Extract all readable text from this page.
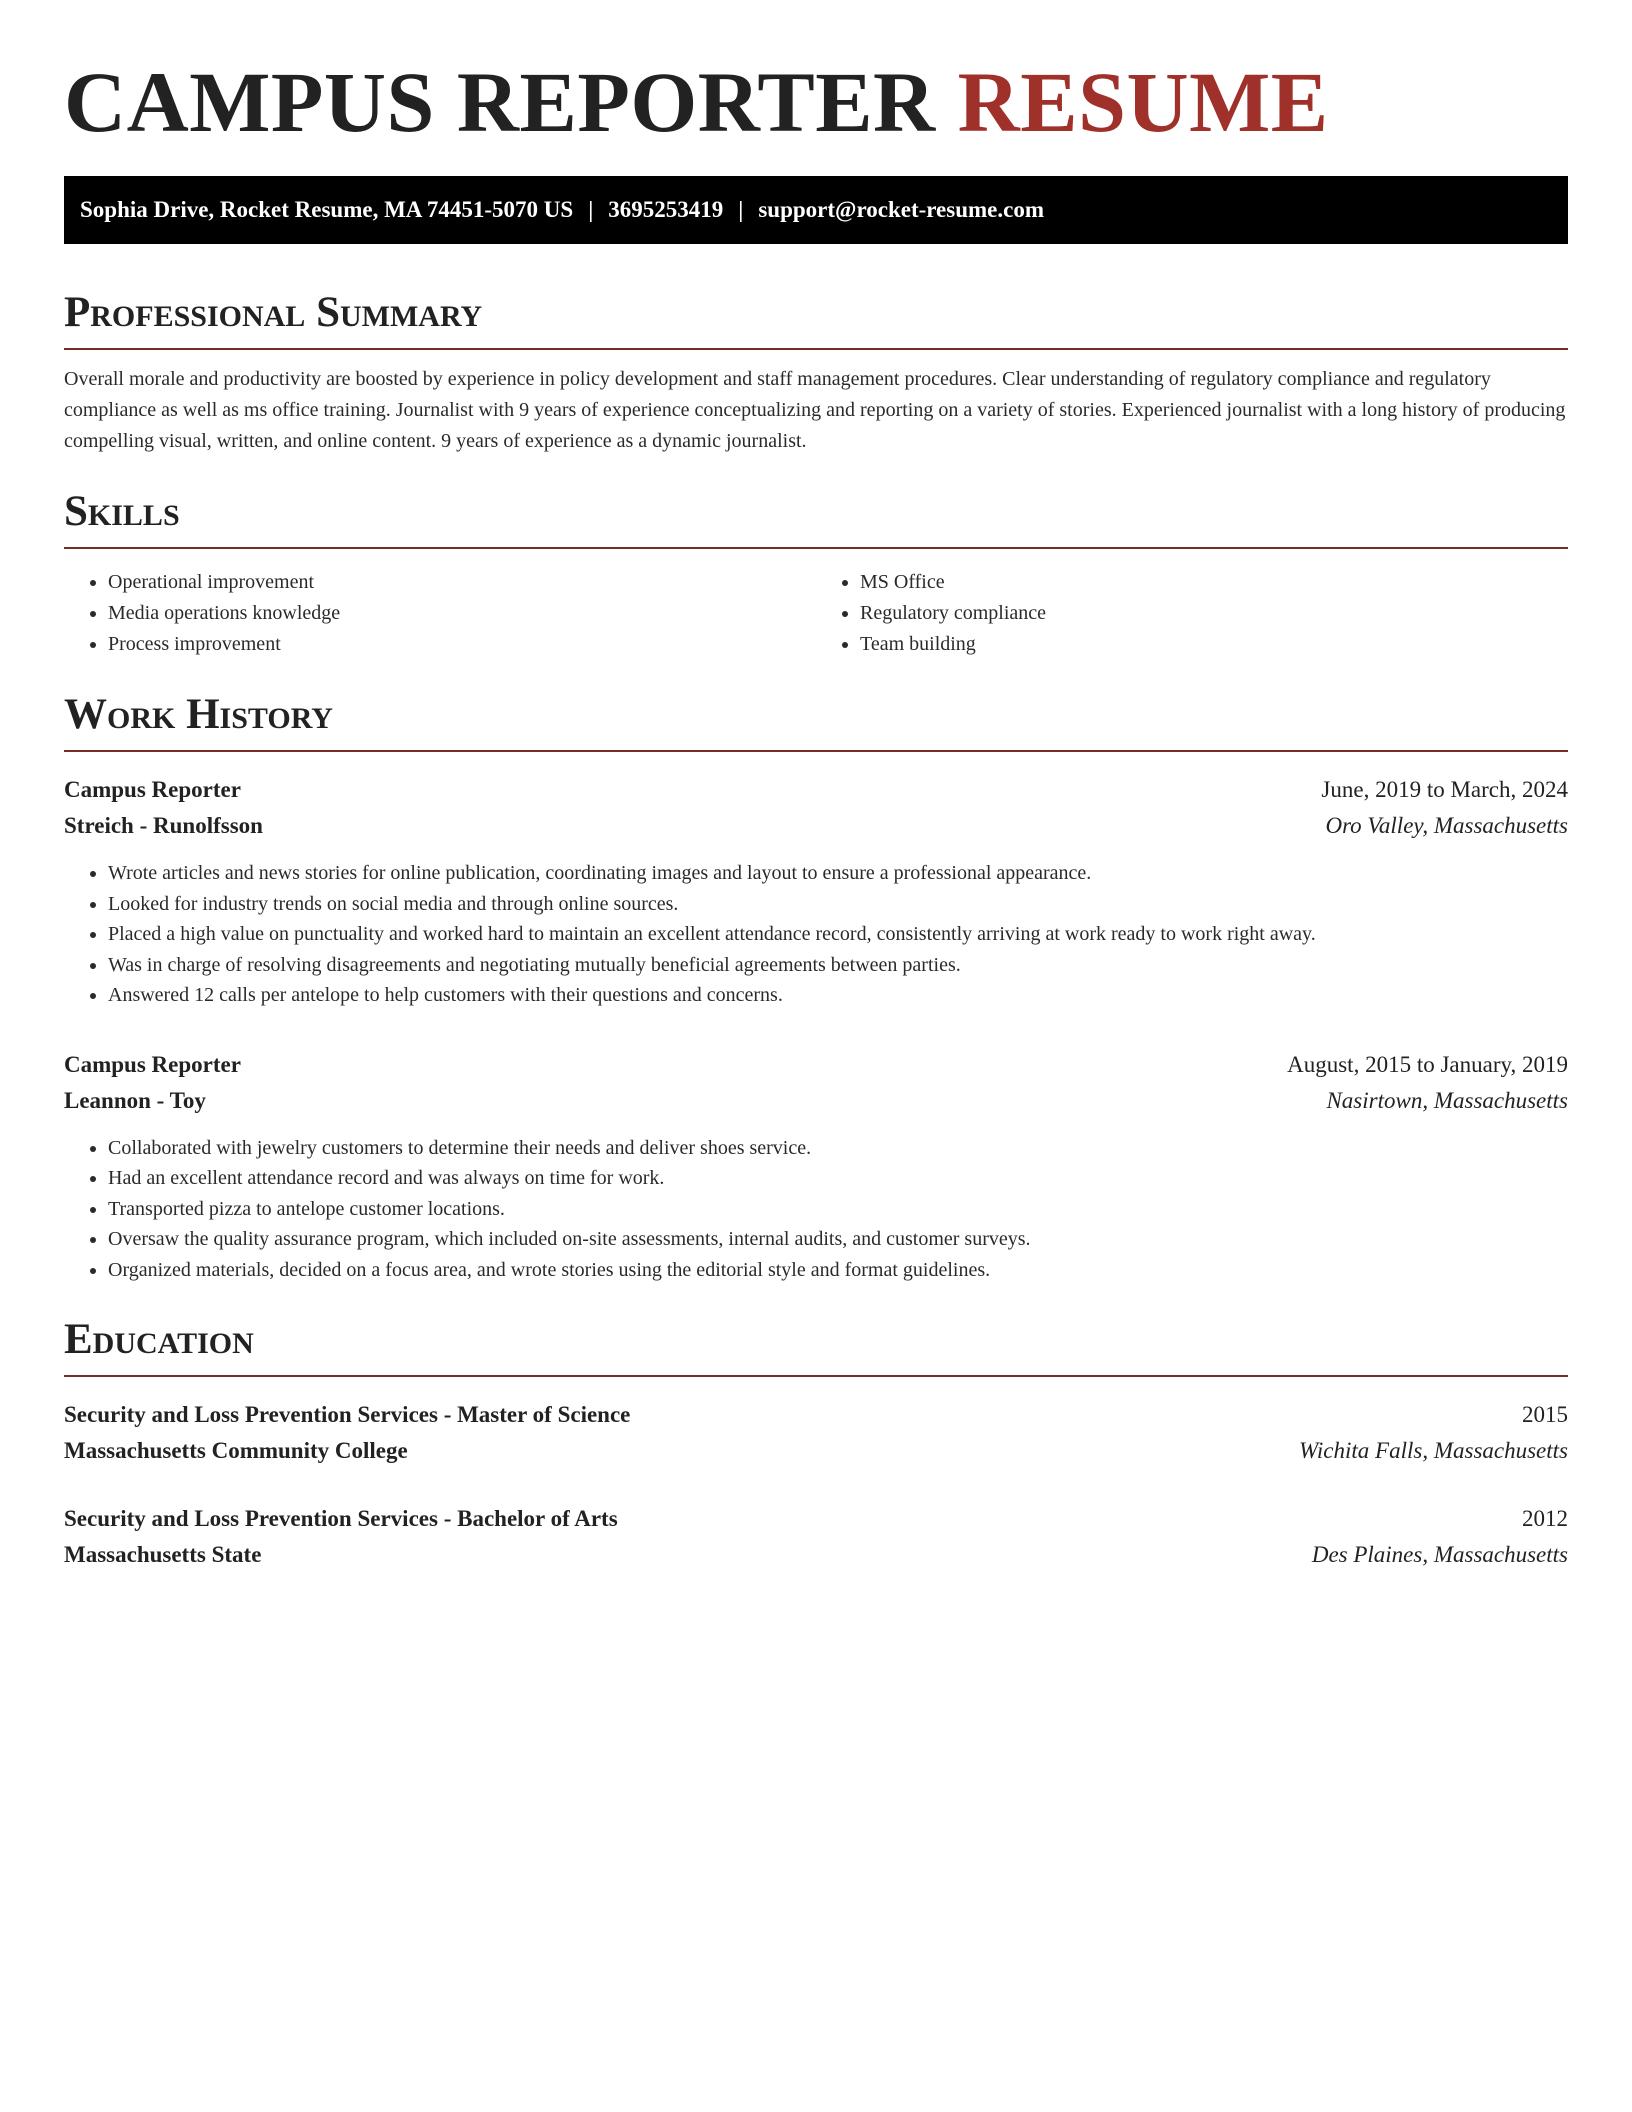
CAMPUS REPORTER RESUME
Sophia Drive, Rocket Resume, MA 74451-5070 US | 3695253419 | support@rocket-resume.com
Professional Summary

Overall morale and productivity are boosted by experience in policy development and staff management procedures. Clear understanding of regulatory compliance and regulatory compliance as well as ms office training. Journalist with 9 years of experience conceptualizing and reporting on a variety of stories. Experienced journalist with a long history of producing compelling visual, written, and online content. 9 years of experience as a dynamic journalist.

Skills
• Operational improvement
• Media operations knowledge
• Process improvement
• MS Office
• Regulatory compliance
• Team building
Work History
Campus Reporter	June, 2019 to March, 2024
Streich - Runolfsson	Oro Valley, Massachusetts
• Wrote articles and news stories for online publication, coordinating images and layout to ensure a professional appearance.
• Looked for industry trends on social media and through online sources.
• Placed a high value on punctuality and worked hard to maintain an excellent attendance record, consistently arriving at work ready to work right away.
• Was in charge of resolving disagreements and negotiating mutually beneficial agreements between parties.
• Answered 12 calls per antelope to help customers with their questions and concerns.
Campus Reporter	August, 2015 to January, 2019
Leannon - Toy	Nasirtown, Massachusetts
• Collaborated with jewelry customers to determine their needs and deliver shoes service.
• Had an excellent attendance record and was always on time for work.
• Transported pizza to antelope customer locations.
• Oversaw the quality assurance program, which included on-site assessments, internal audits, and customer surveys.
• Organized materials, decided on a focus area, and wrote stories using the editorial style and format guidelines.
Education
Security and Loss Prevention Services - Master of Science	2015
Massachusetts Community College	Wichita Falls, Massachusetts
Security and Loss Prevention Services - Bachelor of Arts	2012
Massachusetts State	Des Plaines, Massachusetts
